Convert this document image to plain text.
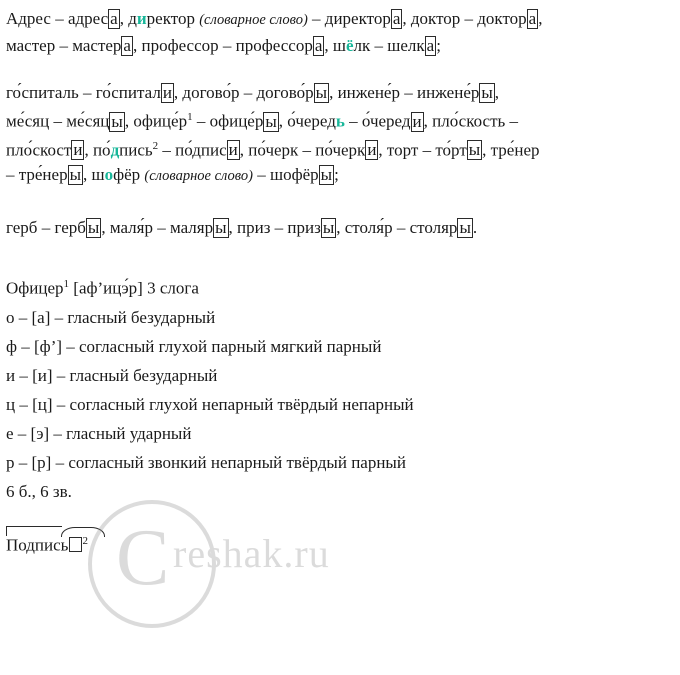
Адрес – адрес а , директор (словарное слово) – директор а , доктор – доктор а ,
мастер – мастер а , профессор – профессор а , шёлк – шелк а ;
го́спиталь – го́спитал и , догово́р – догово́р ы , инжене́р – инжене́р ы ,
ме́сяц – ме́сяц ы , $офице́р^1$ – офице́р ы , о́чередь – о́черед и , пло́скость –
пло́скост и , по́дпись$^2$ – по́дпис и , по́черк – по́черк и , торт – то́рт ы , тре́нер
– тре́нер ы , шофёр (словарное слово) – шофёр ы ;
герб – герб ы , маля́р – маляр ы , приз – приз ы , столя́р – столяр ы .
Офицер$^1$ [аф’ицэ́р] 3 слога
о – [а] – гласный безударный
ф – [ф’] – согласный глухой парный мягкий парный
и – [и] – гласный безударный
ц – [ц] – согласный глухой непарный твёрдый непарный
е – [э] – гласный ударный
р – [р] – согласный звонкий непарный твёрдый парный
6 б., 6 зв.
Подпись $^2$ C reshak.ru
